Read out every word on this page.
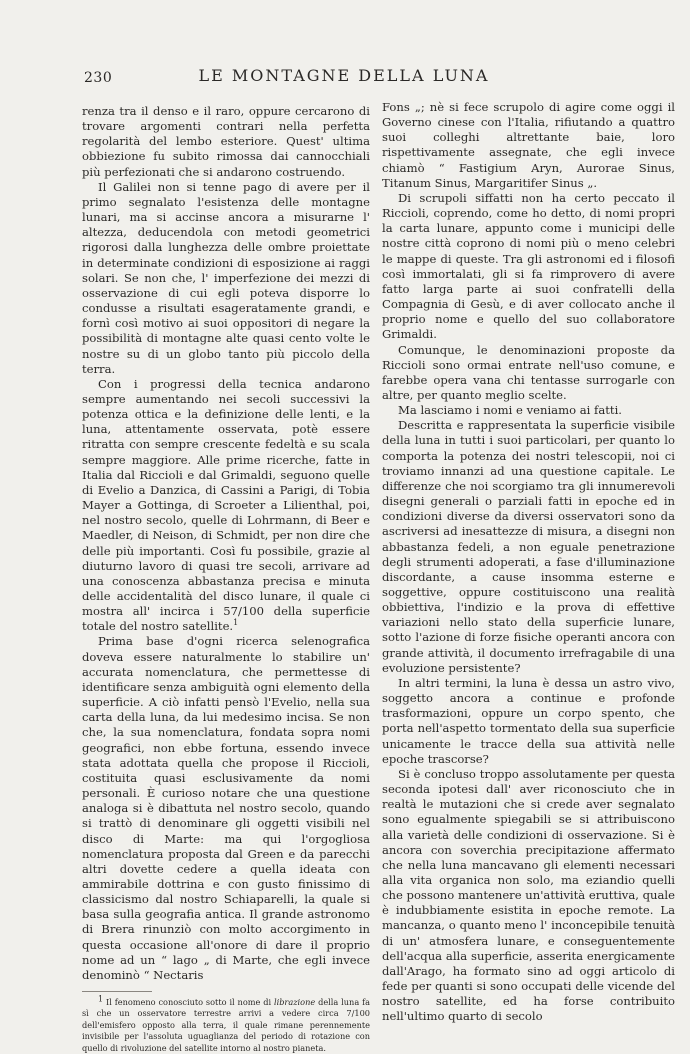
230	LE MONTAGNE DELLA LUNA

renza tra il denso e il raro, oppure cercarono di trovare argomenti contrari nella perfetta regolarità del lembo esteriore. Quest' ultima obbiezione fu subito rimossa dai cannocchiali più perfezionati che si andarono costruendo.

Il Galilei non si tenne pago di avere per il primo segnalato l'esistenza delle montagne lunari, ma si accinse ancora a misurarne l' altezza, deducendola con metodi geometrici rigorosi dalla lunghezza delle ombre proiettate in determinate condizioni di esposizione ai raggi solari. Se non che, l' imperfezione dei mezzi di osservazione di cui egli poteva disporre lo condusse a risultati esageratamente grandi, e fornì così motivo ai suoi oppositori di negare la possibilità di montagne alte quasi cento volte le nostre su di un globo tanto più piccolo della terra.

Con i progressi della tecnica andarono sempre aumentando nei secoli successivi la potenza ottica e la definizione delle lenti, e la luna, attentamente osservata, potè essere ritratta con sempre crescente fedeltà e su scala sempre maggiore. Alle prime ricerche, fatte in Italia dal Riccioli e dal Grimaldi, seguono quelle di Evelio a Danzica, di Cassini a Parigi, di Tobia Mayer a Gottinga, di Scroeter a Lilienthal, poi, nel nostro secolo, quelle di Lohrmann, di Beer e Maedler, di Neison, di Schmidt, per non dire che delle più importanti. Così fu possibile, grazie al diuturno lavoro di quasi tre secoli, arrivare ad una conoscenza abbastanza precisa e minuta delle accidentalità del disco lunare, il quale ci mostra all' incirca i 57/100 della superficie totale del nostro satellite.$^1$

Prima base d'ogni ricerca selenografica doveva essere naturalmente lo stabilire un' accurata nomenclatura, che permettesse di identificare senza ambiguità ogni elemento della superficie. A ciò infatti pensò l'Evelio, nella sua carta della luna, da lui medesimo incisa. Se non che, la sua nomenclatura, fondata sopra nomi geografici, non ebbe fortuna, essendo invece stata adottata quella che propose il Riccioli, costituita quasi esclusivamente da nomi personali. È curioso notare che una questione analoga si è dibattuta nel nostro secolo, quando si trattò di denominare gli oggetti visibili nel disco di Marte: ma qui l'orgogliosa nomenclatura proposta dal Green e da parecchi altri dovette cedere a quella ideata con ammirabile dottrina e con gusto finissimo di classicismo dal nostro Schiaparelli, la quale si basa sulla geografia antica. Il grande astronomo di Brera rinunziò con molto accorgimento in questa occasione all'onore di dare il proprio nome ad un “ lago „ di Marte, che egli invece denominò “ Nectaris

1 Il fenomeno conosciuto sotto il nome di librazione della luna fa sì che un osservatore terrestre arrivi a vedere circa 7/100 dell'emisfero opposto alla terra, il quale rimane perennemente invisibile per l'assoluta uguaglianza del periodo di rotazione con quello di rivoluzione del satellite intorno al nostro pianeta.

Fons „; nè si fece scrupolo di agire come oggi il Governo cinese con l'Italia, rifiutando a quattro suoi colleghi altrettante baie, loro rispettivamente assegnate, che egli invece chiamò “ Fastigium Aryn, Aurorae Sinus, Titanum Sinus, Margaritifer Sinus „.

Di scrupoli siffatti non ha certo peccato il Riccioli, coprendo, come ho detto, di nomi propri la carta lunare, appunto come i municipi delle nostre città coprono di nomi più o meno celebri le mappe di queste. Tra gli astronomi ed i filosofi così immortalati, gli si fa rimprovero di avere fatto larga parte ai suoi confratelli della Compagnia di Gesù, e di aver collocato anche il proprio nome e quello del suo collaboratore Grimaldi.

Comunque, le denominazioni proposte da Riccioli sono ormai entrate nell'uso comune, e farebbe opera vana chi tentasse surrogarle con altre, per quanto meglio scelte.

Ma lasciamo i nomi e veniamo ai fatti.

Descritta e rappresentata la superficie visibile della luna in tutti i suoi particolari, per quanto lo comporta la potenza dei nostri telescopii, noi ci troviamo innanzi ad una questione capitale. Le differenze che noi scorgiamo tra gli innumerevoli disegni generali o parziali fatti in epoche ed in condizioni diverse da diversi osservatori sono da ascriversi ad inesattezze di misura, a disegni non abbastanza fedeli, a non eguale penetrazione degli strumenti adoperati, a fase d'illuminazione discordante, a cause insomma esterne e soggettive, oppure costituiscono una realità obbiettiva, l'indizio e la prova di effettive variazioni nello stato della superficie lunare, sotto l'azione di forze fisiche operanti ancora con grande attività, il documento irrefragabile di una evoluzione persistente?

In altri termini, la luna è dessa un astro vivo, soggetto ancora a continue e profonde trasformazioni, oppure un corpo spento, che porta nell'aspetto tormentato della sua superficie unicamente le tracce della sua attività nelle epoche trascorse?

Si è concluso troppo assolutamente per questa seconda ipotesi dall' aver riconosciuto che in realtà le mutazioni che si crede aver segnalato sono egualmente spiegabili se si attribuiscono alla varietà delle condizioni di osservazione. Si è ancora con soverchia precipitazione affermato che nella luna mancavano gli elementi necessari alla vita organica non solo, ma eziandio quelli che possono mantenere un'attività eruttiva, quale è indubbiamente esistita in epoche remote. La mancanza, o quanto meno l' inconcepibile tenuità di un' atmosfera lunare, e conseguentemente dell'acqua alla superficie, asserita energicamente dall'Arago, ha formato sino ad oggi articolo di fede per quanti si sono occupati delle vicende del nostro satellite, ed ha forse contribuito nell'ultimo quarto di secolo
